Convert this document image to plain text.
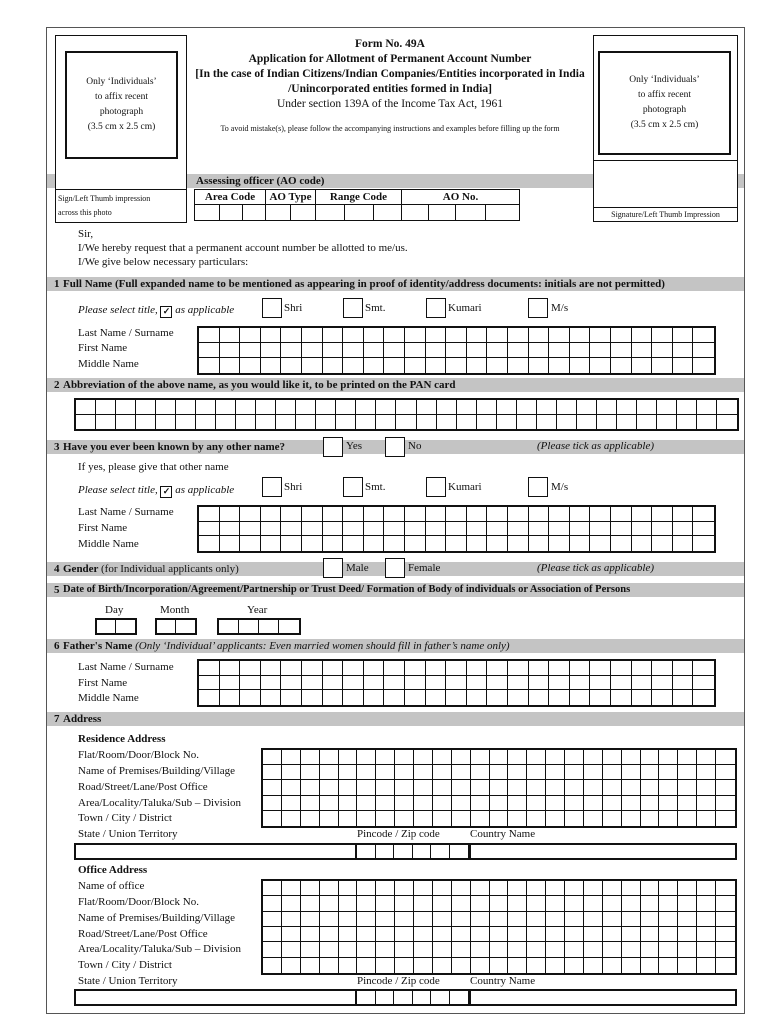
Only ‘Individuals’
to affix recent
photograph
(3.5 cm x 2.5 cm)
Only ‘Individuals’
to affix recent
photograph
(3.5 cm x 2.5 cm)
Form No. 49A
Application for Allotment of Permanent Account Number
[In the case of Indian Citizens/Indian Companies/Entities incorporated in India
/Unincorporated entities formed in India]
Under section 139A of the Income Tax Act, 1961
To avoid mistake(s), please follow the accompanying instructions and examples before filling up the form
Assessing officer (AO code)
Sign/Left Thumb impression
across this photo	Signature/Left Thumb Impression
Area Code	AO Type	Range Code	AO No.
Sir,
I/We hereby request that a permanent account number be allotted to me/us.
I/We give below necessary particulars:
1 Full Name (Full expanded name to be mentioned as appearing in proof of identity/address documents: initials are not permitted)
Please select title, ✓ as applicable	Shri	Smt.	Kumari	M/s
Last Name / Surname
First Name
Middle Name
2 Abbreviation of the above name, as you would like it, to be printed on the PAN card
3 Have you ever been known by any other name?	Yes	No	(Please tick as applicable)
If yes, please give that other name
Please select title, ✓ as applicable	Shri	Smt.	Kumari	M/s
Last Name / Surname
First Name
Middle Name
4 Gender (for Individual applicants only)	Male	Female	(Please tick as applicable)
5 Date of Birth/Incorporation/Agreement/Partnership or Trust Deed/ Formation of Body of individuals or Association of Persons
Day	Month	Year
6 Father's Name (Only ‘Individual’ applicants: Even married women should fill in father’s name only)
Last Name / Surname
First Name
Middle Name
7 Address
Residence Address
Flat/Room/Door/Block No.
Name of Premises/Building/Village
Road/Street/Lane/Post Office
Area/Locality/Taluka/Sub – Division
Town / City / District
State / Union Territory	Pincode / Zip code	Country Name
Office Address
Name of office
Flat/Room/Door/Block No.
Name of Premises/Building/Village
Road/Street/Lane/Post Office
Area/Locality/Taluka/Sub – Division
Town / City / District
State / Union Territory	Pincode / Zip code	Country Name
